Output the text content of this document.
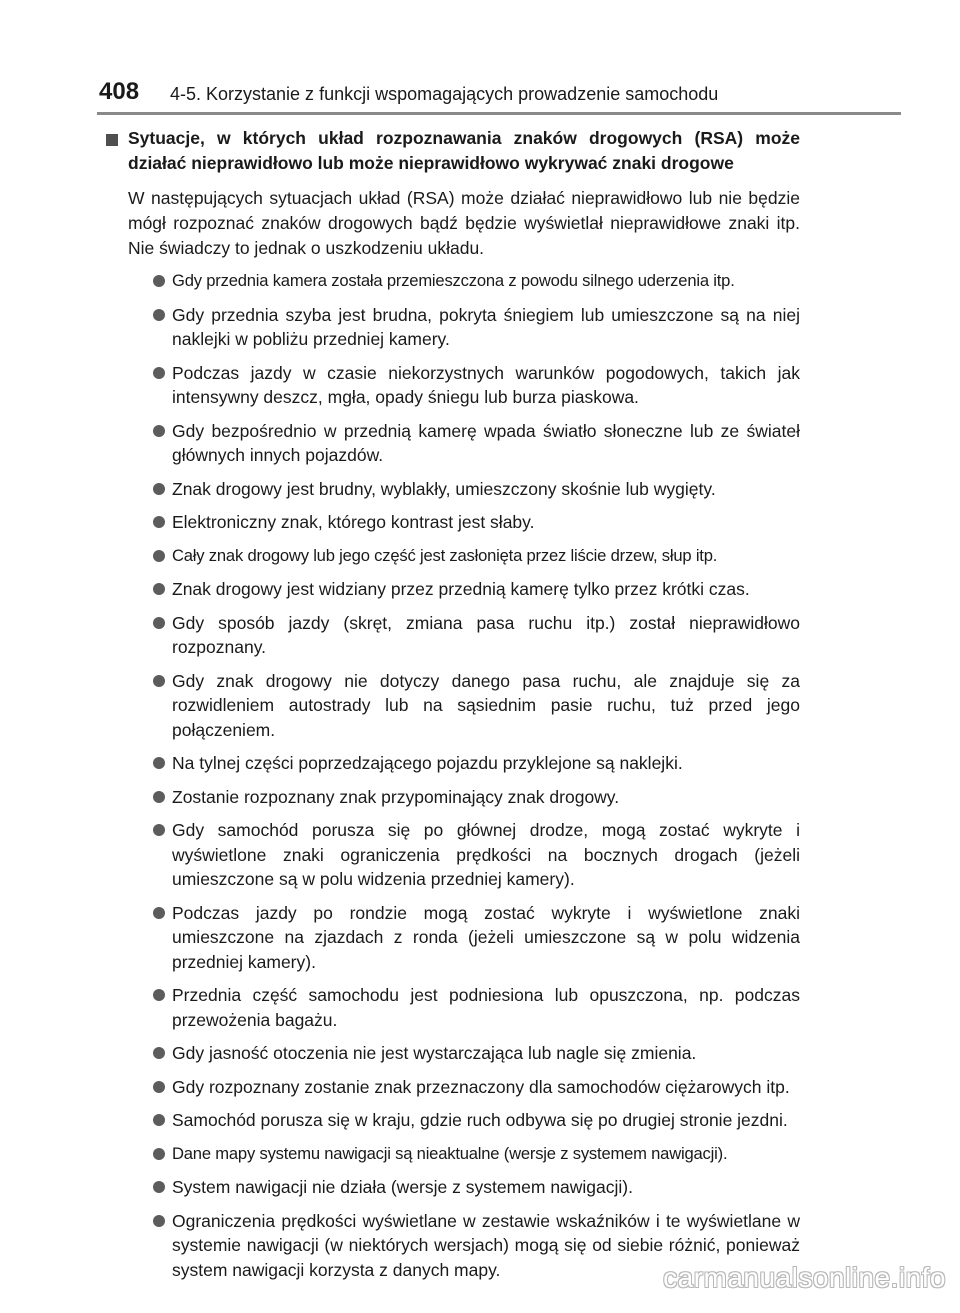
408 4-5. Korzystanie z funkcji wspomagających prowadzenie samochodu
Sytuacje, w których układ rozpoznawania znaków drogowych (RSA) może działać nieprawidłowo lub może nieprawidłowo wykrywać znaki drogowe

W następujących sytuacjach układ (RSA) może działać nieprawidłowo lub nie będzie mógł rozpoznać znaków drogowych bądź będzie wyświetlał nieprawidłowe znaki itp. Nie świadczy to jednak o uszkodzeniu układu.

Gdy przednia kamera została przemieszczona z powodu silnego uderzenia itp.
Gdy przednia szyba jest brudna, pokryta śniegiem lub umieszczone są na niej naklejki w pobliżu przedniej kamery.
Podczas jazdy w czasie niekorzystnych warunków pogodowych, takich jak intensywny deszcz, mgła, opady śniegu lub burza piaskowa.
Gdy bezpośrednio w przednią kamerę wpada światło słoneczne lub ze świateł głównych innych pojazdów.
Znak drogowy jest brudny, wyblakły, umieszczony skośnie lub wygięty.
Elektroniczny znak, którego kontrast jest słaby.
Cały znak drogowy lub jego część jest zasłonięta przez liście drzew, słup itp.
Znak drogowy jest widziany przez przednią kamerę tylko przez krótki czas.
Gdy sposób jazdy (skręt, zmiana pasa ruchu itp.) został nieprawidłowo rozpoznany.
Gdy znak drogowy nie dotyczy danego pasa ruchu, ale znajduje się za rozwidleniem autostrady lub na sąsiednim pasie ruchu, tuż przed jego połączeniem.
Na tylnej części poprzedzającego pojazdu przyklejone są naklejki.
Zostanie rozpoznany znak przypominający znak drogowy.
Gdy samochód porusza się po głównej drodze, mogą zostać wykryte i wyświetlone znaki ograniczenia prędkości na bocznych drogach (jeżeli umieszczone są w polu widzenia przedniej kamery).
Podczas jazdy po rondzie mogą zostać wykryte i wyświetlone znaki umieszczone na zjazdach z ronda (jeżeli umieszczone są w polu widzenia przedniej kamery).
Przednia część samochodu jest podniesiona lub opuszczona, np. podczas przewożenia bagażu.
Gdy jasność otoczenia nie jest wystarczająca lub nagle się zmienia.
Gdy rozpoznany zostanie znak przeznaczony dla samochodów ciężarowych itp.
Samochód porusza się w kraju, gdzie ruch odbywa się po drugiej stronie jezdni.
Dane mapy systemu nawigacji są nieaktualne (wersje z systemem nawigacji).
System nawigacji nie działa (wersje z systemem nawigacji).
Ograniczenia prędkości wyświetlane w zestawie wskaźników i te wyświetlane w systemie nawigacji (w niektórych wersjach) mogą się od siebie różnić, ponieważ system nawigacji korzysta z danych mapy.	carmanualsonline.info
